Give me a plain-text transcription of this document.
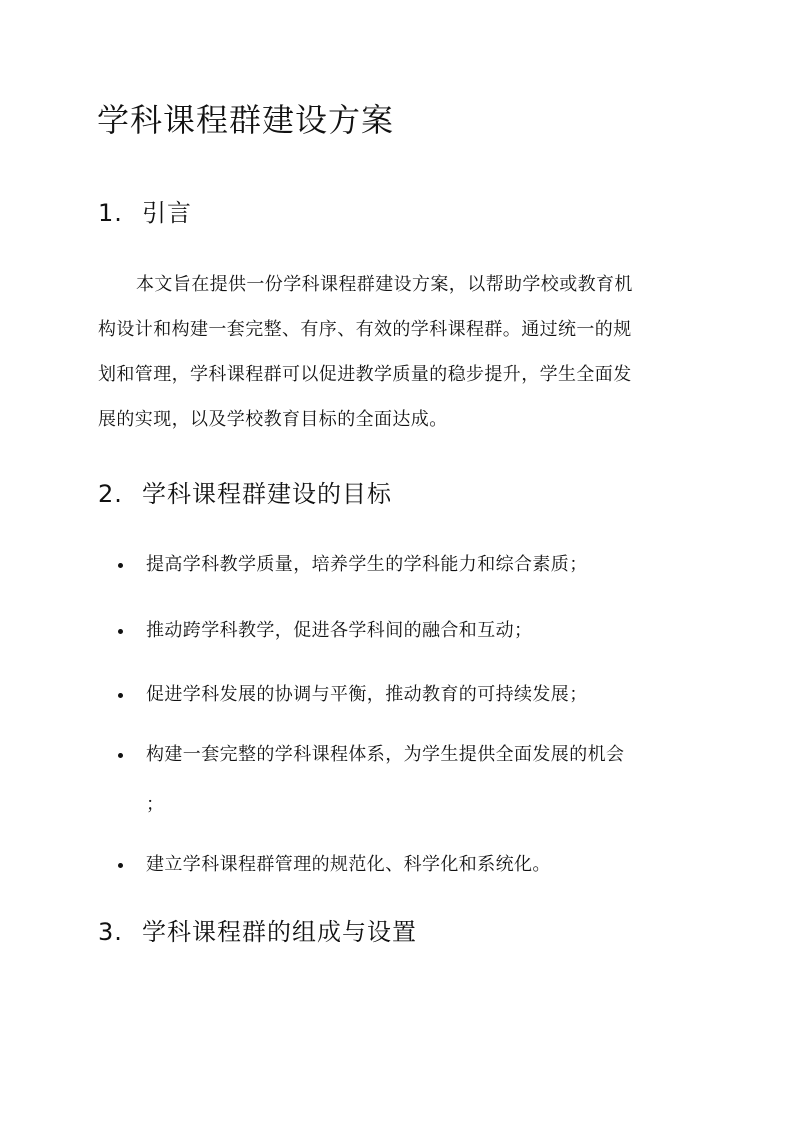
学科课程群建设方案
1. 引言
本文旨在提供一份学科课程群建设方案，以帮助学校或教育机
构设计和构建一套完整、有序、有效的学科课程群。通过统一的规
划和管理，学科课程群可以促进教学质量的稳步提升，学生全面发
展的实现，以及学校教育目标的全面达成。
2. 学科课程群建设的目标
提高学科教学质量，培养学生的学科能力和综合素质；
推动跨学科教学，促进各学科间的融合和互动；
促进学科发展的协调与平衡，推动教育的可持续发展；
构建一套完整的学科课程体系，为学生提供全面发展的机会
；
建立学科课程群管理的规范化、科学化和系统化。
3. 学科课程群的组成与设置
